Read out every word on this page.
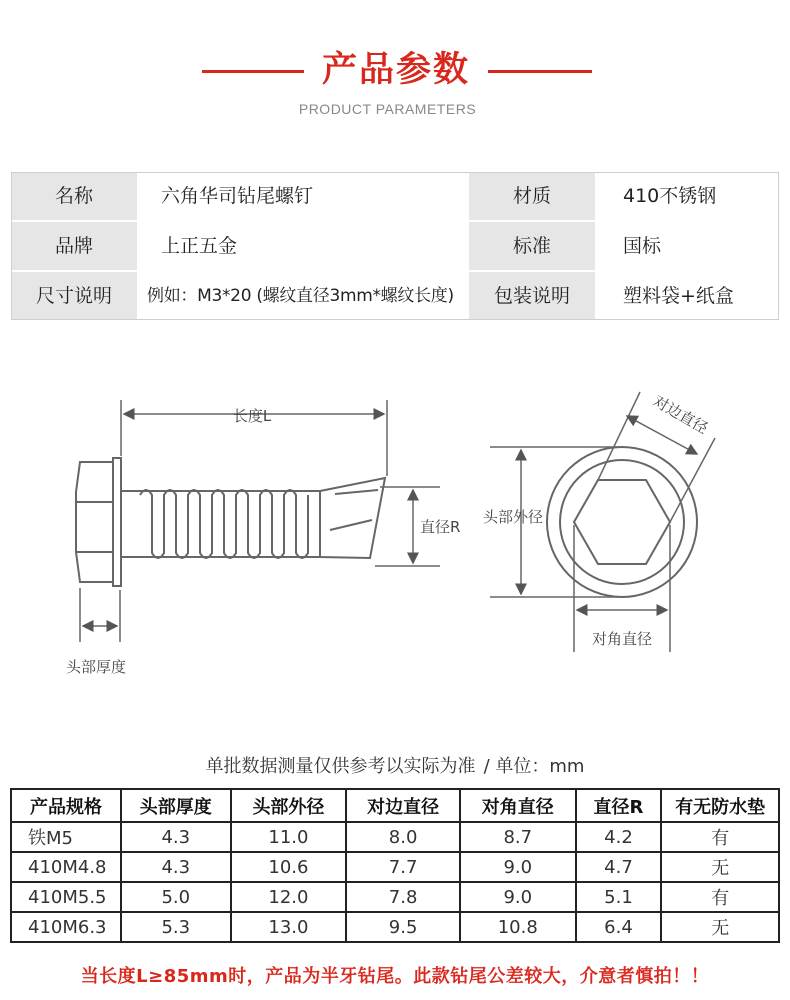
产品参数
PRODUCT PARAMETERS
名称	六角华司钻尾螺钉	材质	410不锈钢
品牌	上正五金	标准	国标
尺寸说明	例如：M3*20 (螺纹直径3mm*螺纹长度)	包装说明	塑料袋+纸盒
长度L
直径R
头部厚度
头部外径
对角直径
对边直径
单批数据测量仅供参考以实际为准 / 单位：mm
产品规格	头部厚度	头部外径	对边直径	对角直径	直径R	有无防水垫
铁M5	4.3	11.0	8.0	8.7	4.2	有
410M4.8	4.3	10.6	7.7	9.0	4.7	无
410M5.5	5.0	12.0	7.8	9.0	5.1	有
410M6.3	5.3	13.0	9.5	10.8	6.4	无
当长度L≥85mm时，产品为半牙钻尾。此款钻尾公差较大，介意者慎拍！！
